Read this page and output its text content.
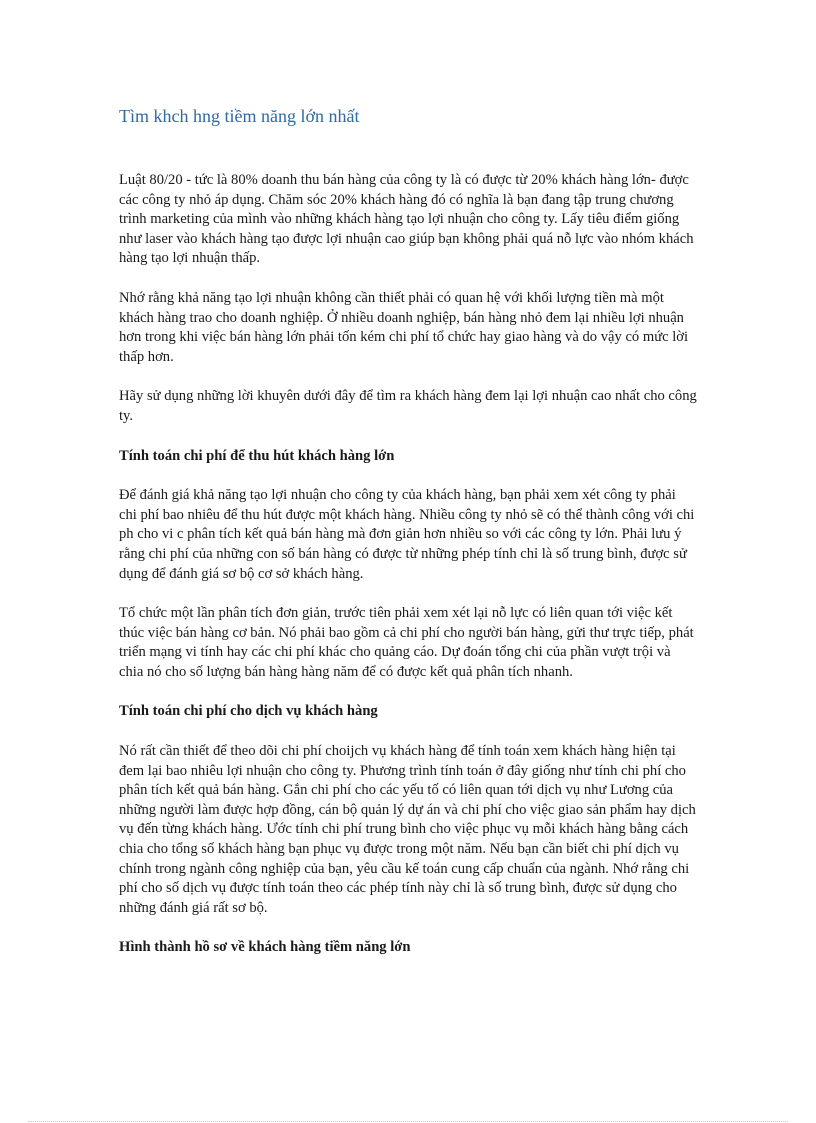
Tìm khch hng tiềm năng lớn nhất

Luật 80/20 - tức là 80% doanh thu bán hàng của công ty là có được từ 20% khách hàng lớn- được các công ty nhỏ áp dụng. Chăm sóc 20% khách hàng đó có nghĩa là bạn đang tập trung chương trình marketing của mình vào những khách hàng tạo lợi nhuận cho công ty. Lấy tiêu điểm giống như laser vào khách hàng tạo được lợi nhuận cao giúp bạn không phải quá nỗ lực vào nhóm khách hàng tạo lợi nhuận thấp.

Nhớ rằng khả năng tạo lợi nhuận không cần thiết phải có quan hệ với khối lượng tiền mà một khách hàng trao cho doanh nghiệp. Ở nhiều doanh nghiệp, bán hàng nhỏ đem lại nhiều lợi nhuận hơn trong khi việc bán hàng lớn phải tốn kém chi phí tổ chức hay giao hàng và do vậy có mức lời thấp hơn.

Hãy sử dụng những lời khuyên dưới đây để tìm ra khách hàng đem lại lợi nhuận cao nhất cho công ty.

Tính toán chi phí để thu hút khách hàng lớn

Để đánh giá khả năng tạo lợi nhuận cho công ty của khách hàng, bạn phải xem xét công ty phải chi phí bao nhiêu để thu hút được một khách hàng. Nhiều công ty nhỏ sẽ có thể thành công với chi ph cho vi c phân tích kết quả bán hàng mà đơn giản hơn nhiều so với các công ty lớn. Phải lưu ý rằng chi phí của những con số bán hàng có được từ những phép tính chỉ là số trung bình, được sử dụng để đánh giá sơ bộ cơ sở khách hàng.

Tổ chức một lần phân tích đơn giản, trước tiên phải xem xét lại nỗ lực có liên quan tới việc kết thúc việc bán hàng cơ bản. Nó phải bao gồm cả chi phí cho người bán hàng, gửi thư trực tiếp, phát triển mạng vi tính hay các chi phí khác cho quảng cáo. Dự đoán tổng chi của phần vượt trội và chia nó cho số lượng bán hàng hàng năm để có được kết quả phân tích nhanh.

Tính toán chi phí cho dịch vụ khách hàng

Nó rất cần thiết để theo dõi chi phí choijch vụ khách hàng để tính toán xem khách hàng hiện tại đem lại bao nhiêu lợi nhuận cho công ty. Phương trình tính toán ở đây giống như tính chi phí cho phân tích kết quả bán hàng. Gắn chi phí cho các yếu tố có liên quan tới dịch vụ như Lương của những người làm được hợp đồng, cán bộ quản lý dự án và chi phí cho việc giao sản phẩm hay dịch vụ đến từng khách hàng. Ước tính chi phí trung bình cho việc phục vụ mỗi khách hàng bằng cách chia cho tổng số khách hàng bạn phục vụ được trong một năm. Nếu bạn cần biết chi phí dịch vụ chính trong ngành công nghiệp của bạn, yêu cầu kế toán cung cấp chuẩn của ngành. Nhớ rằng chi phí cho số dịch vụ được tính toán theo các phép tính này chỉ là số trung bình, được sử dụng cho những đánh giá rất sơ bộ.

Hình thành hồ sơ về khách hàng tiềm năng lớn
